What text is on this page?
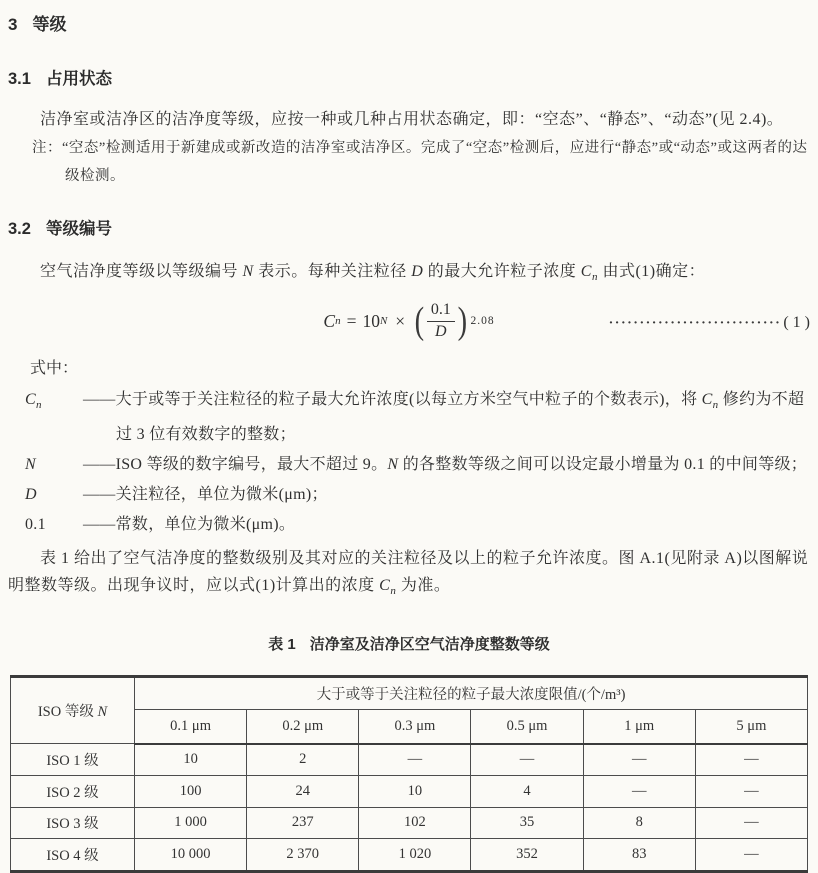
3 等级
3.1 占用状态

洁净室或洁净区的洁净度等级，应按一种或几种占用状态确定，即：“空态”、“静态”、“动态”(见 2.4)。

注：“空态”检测适用于新建成或新改造的洁净室或洁净区。完成了“空态”检测后，应进行“静态”或“动态”或这两者的达级检测。
3.2 等级编号

空气洁净度等级以等级编号 N 表示。每种关注粒径 D 的最大允许粒子浓度 $C_n$ 由式(1)确定：

C n = 10 N × ( $\frac{0.1}{D}$ ) 2.08	···························· ( 1 )
式中：
$C_n$	——大于或等于关注粒径的粒子最大允许浓度(以每立方米空气中粒子的个数表示)，将 $C_n$ 修约为不超过 3 位有效数字的整数；
N	——ISO 等级的数字编号，最大不超过 9。N 的各整数等级之间可以设定最小增量为 0.1 的中间等级；
D	——关注粒径，单位为微米(μm)；
0.1	——常数，单位为微米(μm)。

表 1 给出了空气洁净度的整数级别及其对应的关注粒径及以上的粒子允许浓度。图 A.1(见附录 A)以图解说明整数等级。出现争议时，应以式(1)计算出的浓度 $C_n$ 为准。

表 1 洁净室及洁净区空气洁净度整数等级
ISO 等级 N	大于或等于关注粒径的粒子最大浓度限值/(个/m³)					
	0.1 μm	0.2 μm	0.3 μm	0.5 μm	1 μm	5 μm
ISO 1 级	10	2	—	—	—	—
ISO 2 级	100	24	10	4	—	—
ISO 3 级	1 000	237	102	35	8	—
ISO 4 级	10 000	2 370	1 020	352	83	—
